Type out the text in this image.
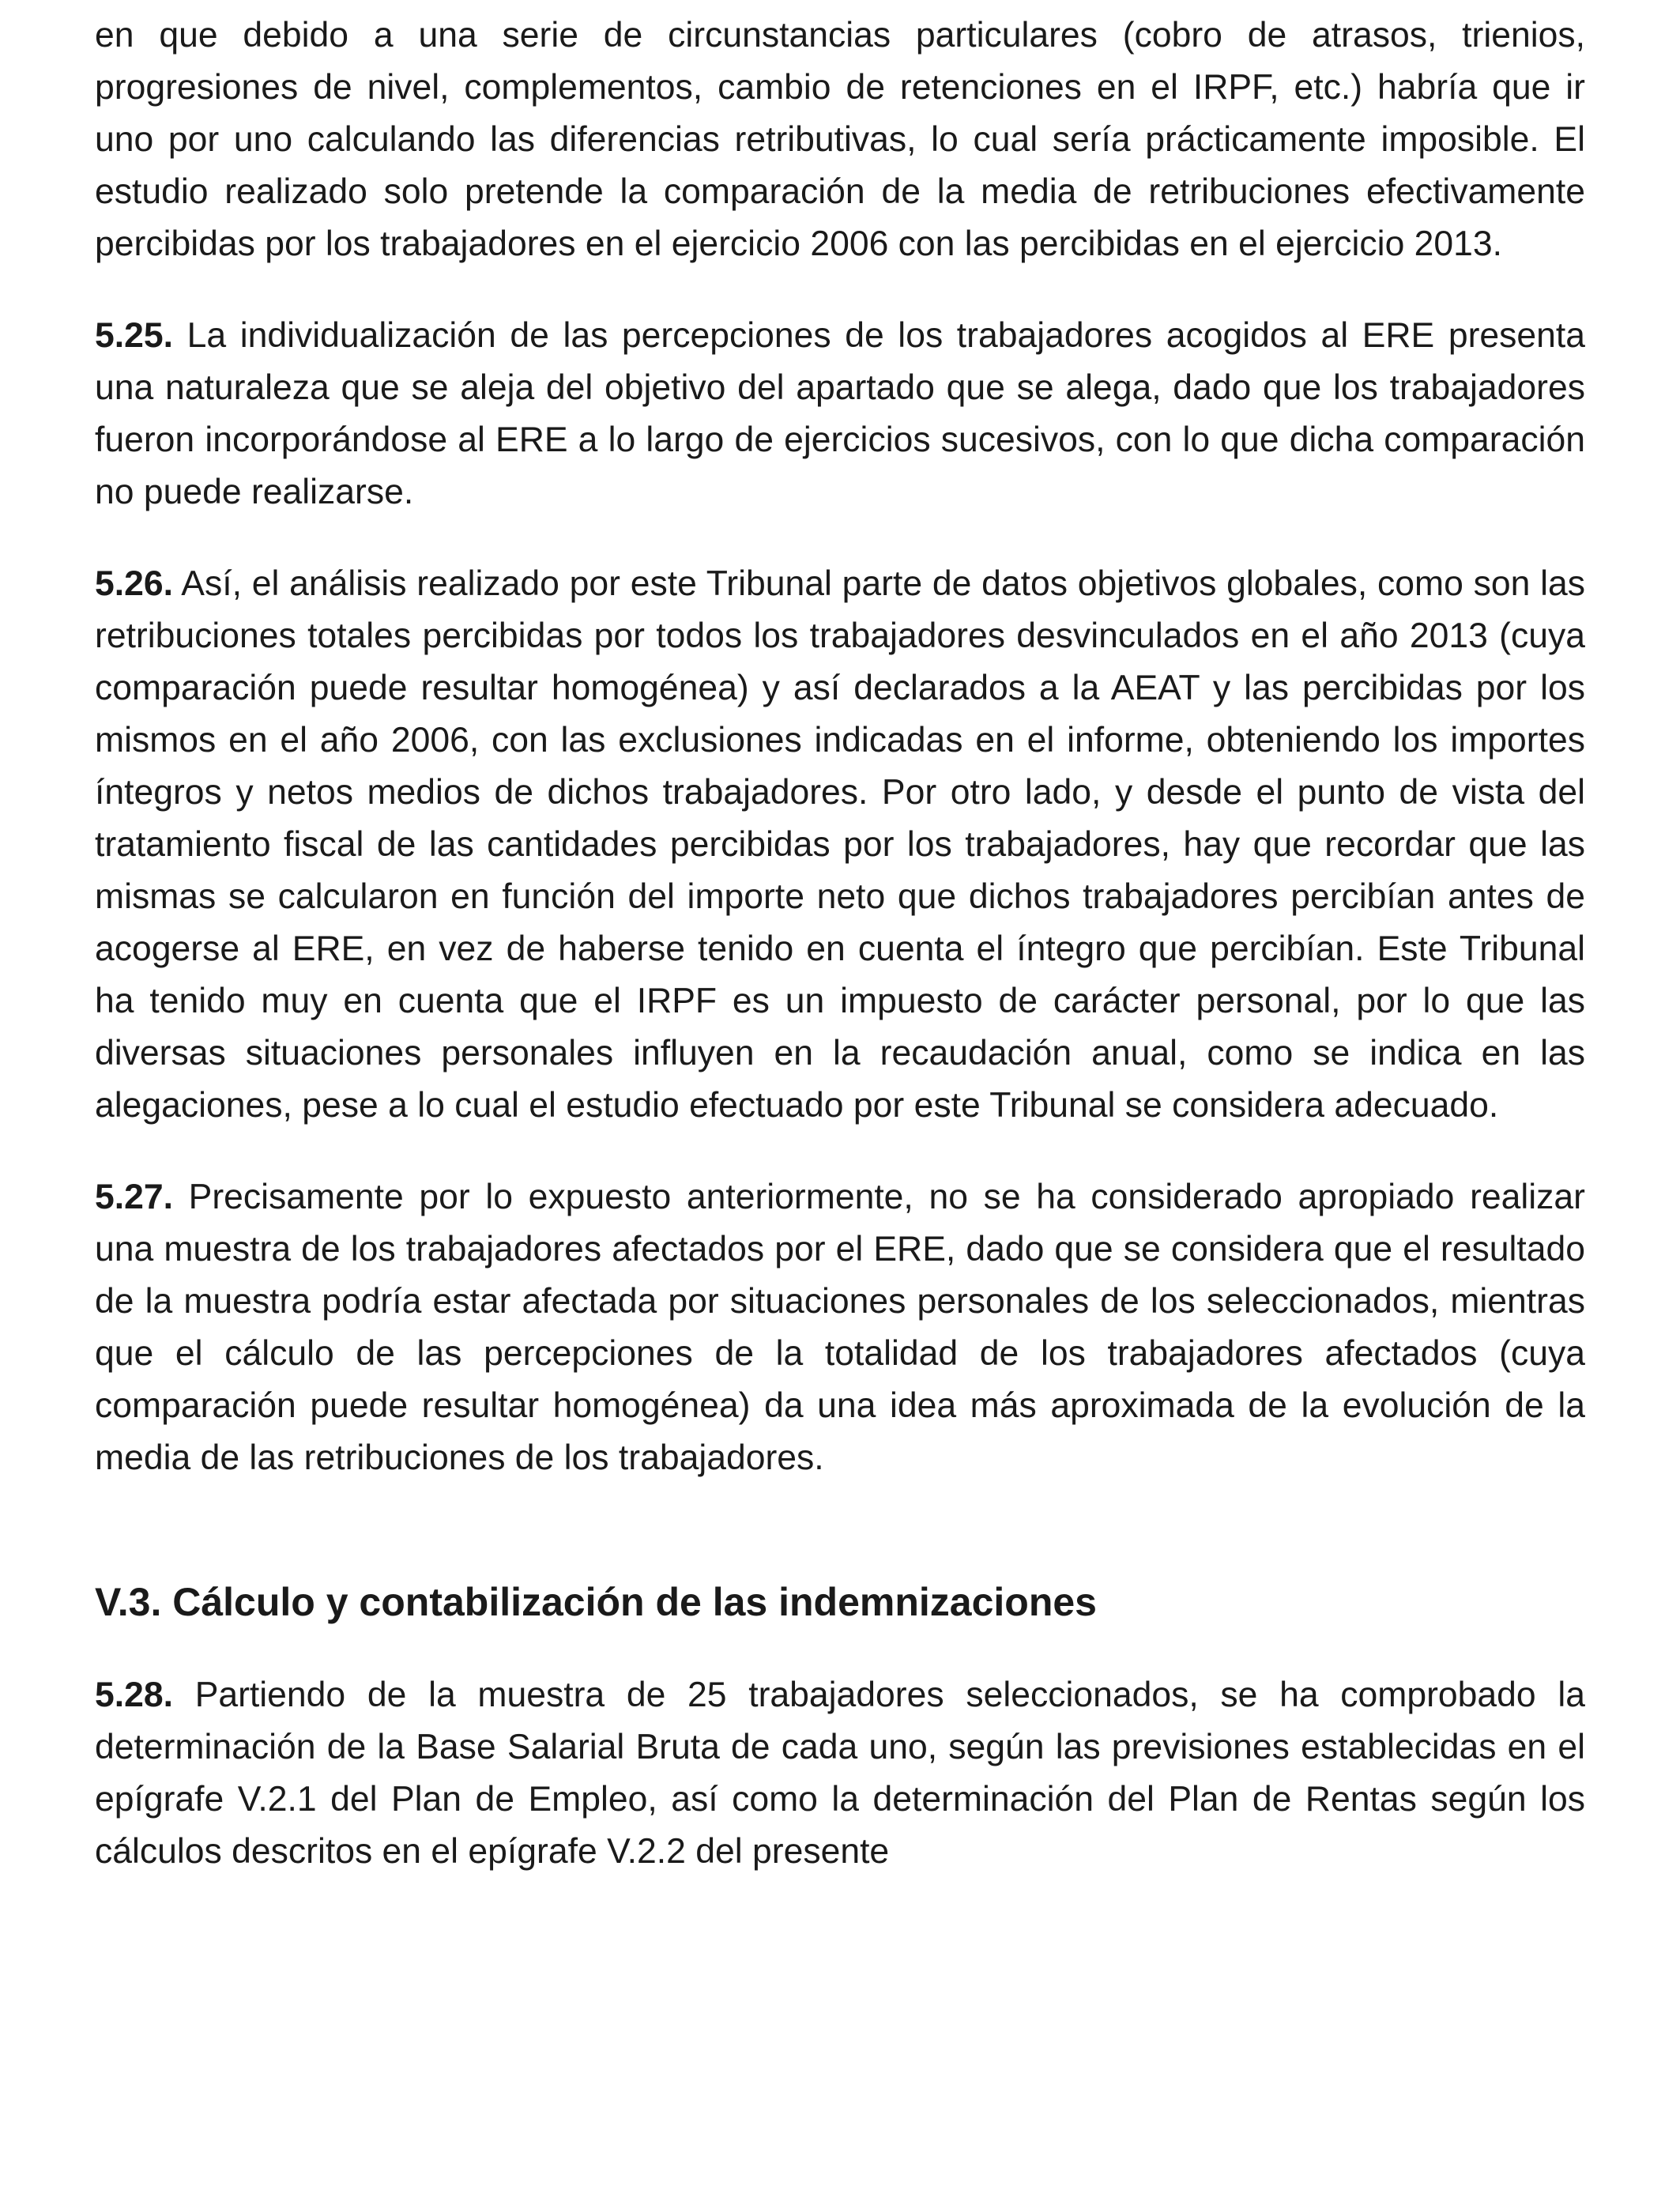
en que debido a una serie de circunstancias particulares (cobro de atrasos, trienios, progresiones de nivel, complementos, cambio de retenciones en el IRPF, etc.) habría que ir uno por uno calculando las diferencias retributivas, lo cual sería prácticamente imposible. El estudio realizado solo pretende la comparación de la media de retribuciones efectivamente percibidas por los trabajadores en el ejercicio 2006 con las percibidas en el ejercicio 2013.

5.25. La individualización de las percepciones de los trabajadores acogidos al ERE presenta una naturaleza que se aleja del objetivo del apartado que se alega, dado que los trabajadores fueron incorporándose al ERE a lo largo de ejercicios sucesivos, con lo que dicha comparación no puede realizarse.

5.26. Así, el análisis realizado por este Tribunal parte de datos objetivos globales, como son las retribuciones totales percibidas por todos los trabajadores desvinculados en el año 2013 (cuya comparación puede resultar homogénea) y así declarados a la AEAT y las percibidas por los mismos en el año 2006, con las exclusiones indicadas en el informe, obteniendo los importes íntegros y netos medios de dichos trabajadores. Por otro lado, y desde el punto de vista del tratamiento fiscal de las cantidades percibidas por los trabajadores, hay que recordar que las mismas se calcularon en función del importe neto que dichos trabajadores percibían antes de acogerse al ERE, en vez de haberse tenido en cuenta el íntegro que percibían. Este Tribunal ha tenido muy en cuenta que el IRPF es un impuesto de carácter personal, por lo que las diversas situaciones personales influyen en la recaudación anual, como se indica en las alegaciones, pese a lo cual el estudio efectuado por este Tribunal se considera adecuado.

5.27. Precisamente por lo expuesto anteriormente, no se ha considerado apropiado realizar una muestra de los trabajadores afectados por el ERE, dado que se considera que el resultado de la muestra podría estar afectada por situaciones personales de los seleccionados, mientras que el cálculo de las percepciones de la totalidad de los trabajadores afectados (cuya comparación puede resultar homogénea) da una idea más aproximada de la evolución de la media de las retribuciones de los trabajadores.

V.3. Cálculo y contabilización de las indemnizaciones

5.28. Partiendo de la muestra de 25 trabajadores seleccionados, se ha comprobado la determinación de la Base Salarial Bruta de cada uno, según las previsiones establecidas en el epígrafe V.2.1 del Plan de Empleo, así como la determinación del Plan de Rentas según los cálculos descritos en el epígrafe V.2.2 del presente
